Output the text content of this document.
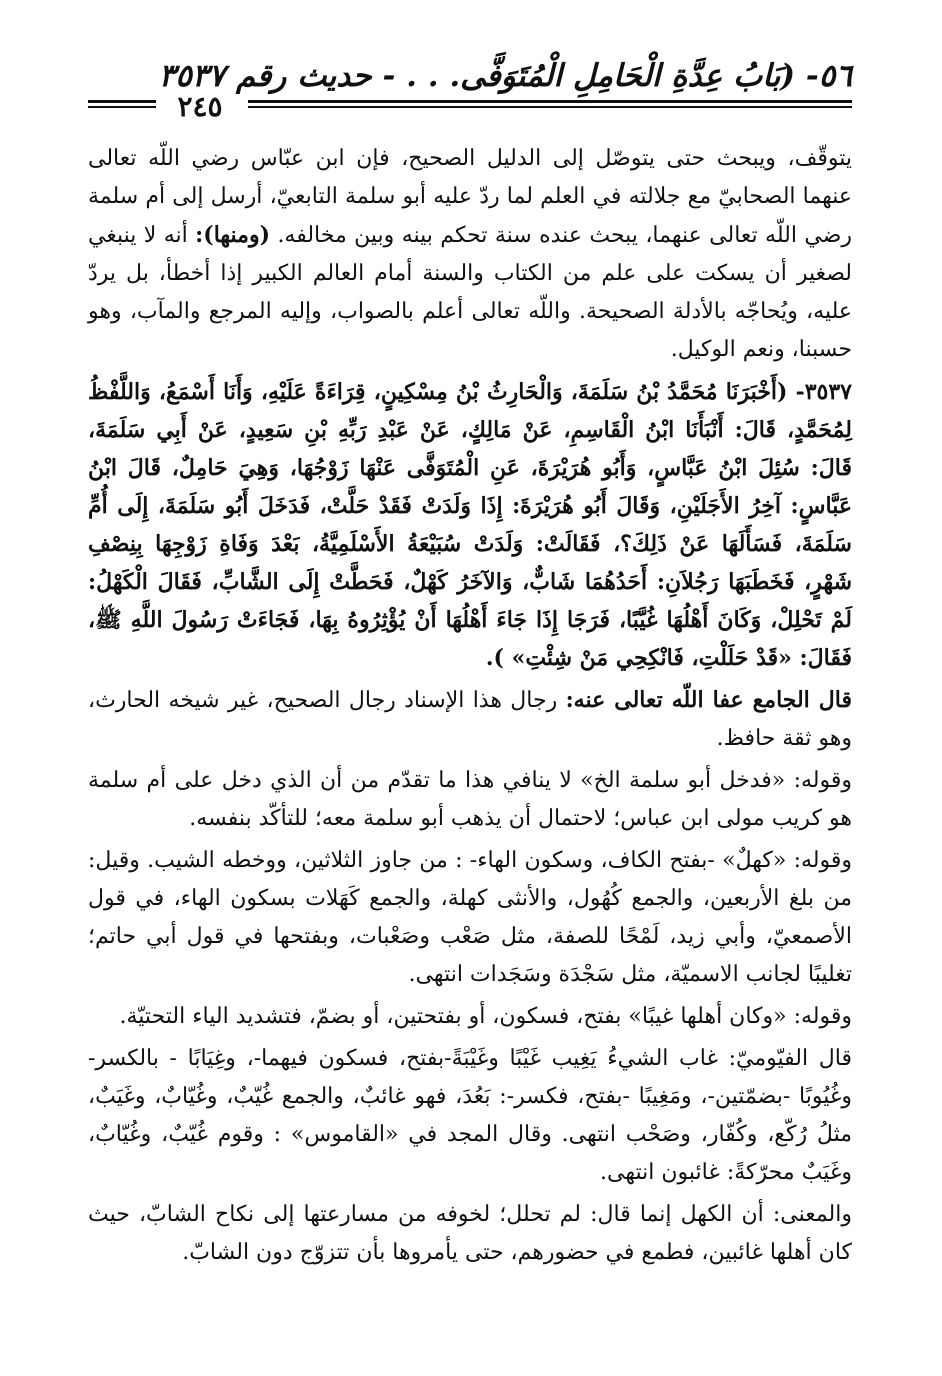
٥٦- (بَابُ عِدَّةِ الْحَامِلِ الْمُتَوَفَّى. . . - حديث رقم ٣٥٣٧
٢٤٥

يتوقّف، ويبحث حتى يتوصّل إلى الدليل الصحيح، فإن ابن عبّاس رضي اللّه تعالى عنهما الصحابيّ مع جلالته في العلم لما ردّ عليه أبو سلمة التابعيّ، أرسل إلى أم سلمة رضي اللّه تعالى عنهما، يبحث عنده سنة تحكم بينه وبين مخالفه. (ومنها): أنه لا ينبغي لصغير أن يسكت على علم من الكتاب والسنة أمام العالم الكبير إذا أخطأ، بل يردّ عليه، ويُحاجّه بالأدلة الصحيحة. واللّه تعالى أعلم بالصواب، وإليه المرجع والمآب، وهو حسبنا، ونعم الوكيل.

٣٥٣٧- (أَخْبَرَنَا مُحَمَّدُ بْنُ سَلَمَةَ، وَالْحَارِثُ بْنُ مِسْكِينٍ، قِرَاءَةً عَلَيْهِ، وَأَنَا أَسْمَعُ، وَاللَّفْظُ لِمُحَمَّدٍ، قَالَ: أَنْبَأَنَا ابْنُ الْقَاسِمِ، عَنْ مَالِكٍ، عَنْ عَبْدِ رَبِّهِ بْنِ سَعِيدٍ، عَنْ أَبِي سَلَمَةَ، قَالَ: سُئِلَ ابْنُ عَبَّاسٍ، وَأَبُو هُرَيْرَةَ، عَنِ الْمُتَوَفَّى عَنْهَا زَوْجُهَا، وَهِيَ حَامِلٌ، قَالَ ابْنُ عَبَّاسٍ: آخِرُ الأَجَلَيْنِ، وَقَالَ أَبُو هُرَيْرَةَ: إِذَا وَلَدَتْ فَقَدْ حَلَّتْ، فَدَخَلَ أَبُو سَلَمَةَ، إِلَى أُمِّ سَلَمَةَ، فَسَأَلَهَا عَنْ ذَلِكَ؟، فَقَالَتْ: وَلَدَتْ سُبَيْعَةُ الأَسْلَمِيَّةُ، بَعْدَ وَفَاةِ زَوْجِهَا بِنِصْفِ شَهْرٍ، فَخَطَبَهَا رَجُلاَنِ: أَحَدُهُمَا شَابٌّ، وَالآخَرُ كَهْلٌ، فَحَطَّتْ إِلَى الشَّابِّ، فَقَالَ الْكَهْلُ: لَمْ تَحْلِلْ، وَكَانَ أَهْلُهَا غُيَّبًا، فَرَجَا إِذَا جَاءَ أَهْلُهَا أَنْ يُؤْثِرُوهُ بِهَا، فَجَاءَتْ رَسُولَ اللَّهِ ﷺ، فَقَالَ: «قَدْ حَلَلْتِ، فَانْكِحِي مَنْ شِئْتِ» ).

قال الجامع عفا اللّه تعالى عنه: رجال هذا الإسناد رجال الصحيح، غير شيخه الحارث، وهو ثقة حافظ.

وقوله: «فدخل أبو سلمة الخ» لا ينافي هذا ما تقدّم من أن الذي دخل على أم سلمة هو كريب مولى ابن عباس؛ لاحتمال أن يذهب أبو سلمة معه؛ للتأكّد بنفسه.

وقوله: «كهلٌ» -بفتح الكاف، وسكون الهاء- : من جاوز الثلاثين، ووخطه الشيب. وقيل: من بلغ الأربعين، والجمع كُهُول، والأنثى كهلة، والجمع كَهَلات بسكون الهاء، في قول الأصمعيّ، وأبي زيد، لَمْحًا للصفة، مثل صَعْب وصَعْبات، وبفتحها في قول أبي حاتم؛ تغليبًا لجانب الاسميّة، مثل سَجْدَة وسَجَدات انتهى.

وقوله: «وكان أهلها غيبًا» بفتح، فسكون، أو بفتحتين، أو بضمّ، فتشديد الياء التحتيّة.

قال الفيّوميّ: غاب الشيءُ يَغِيب غَيْبًا وغَيْبَةً-بفتح، فسكون فيهما-، وغِيَابًا - بالكسر- وغُيُوبًا -بضمّتين-، ومَغِيبًا -بفتح، فكسر-: بَعُدَ، فهو غائبٌ، والجمع غُيّبٌ، وغُيّابٌ، وغَيَبٌ، مثلُ رُكّع، وكُفّار، وصَحْب انتهى. وقال المجد في «القاموس» : وقوم غُيّبٌ، وغُيّابٌ، وغَيَبٌ محرّكةً: غائبون انتهى.

والمعنى: أن الكهل إنما قال: لم تحلل؛ لخوفه من مسارعتها إلى نكاح الشابّ، حيث كان أهلها غائبين، فطمع في حضورهم، حتى يأمروها بأن تتزوّج دون الشابّ.
